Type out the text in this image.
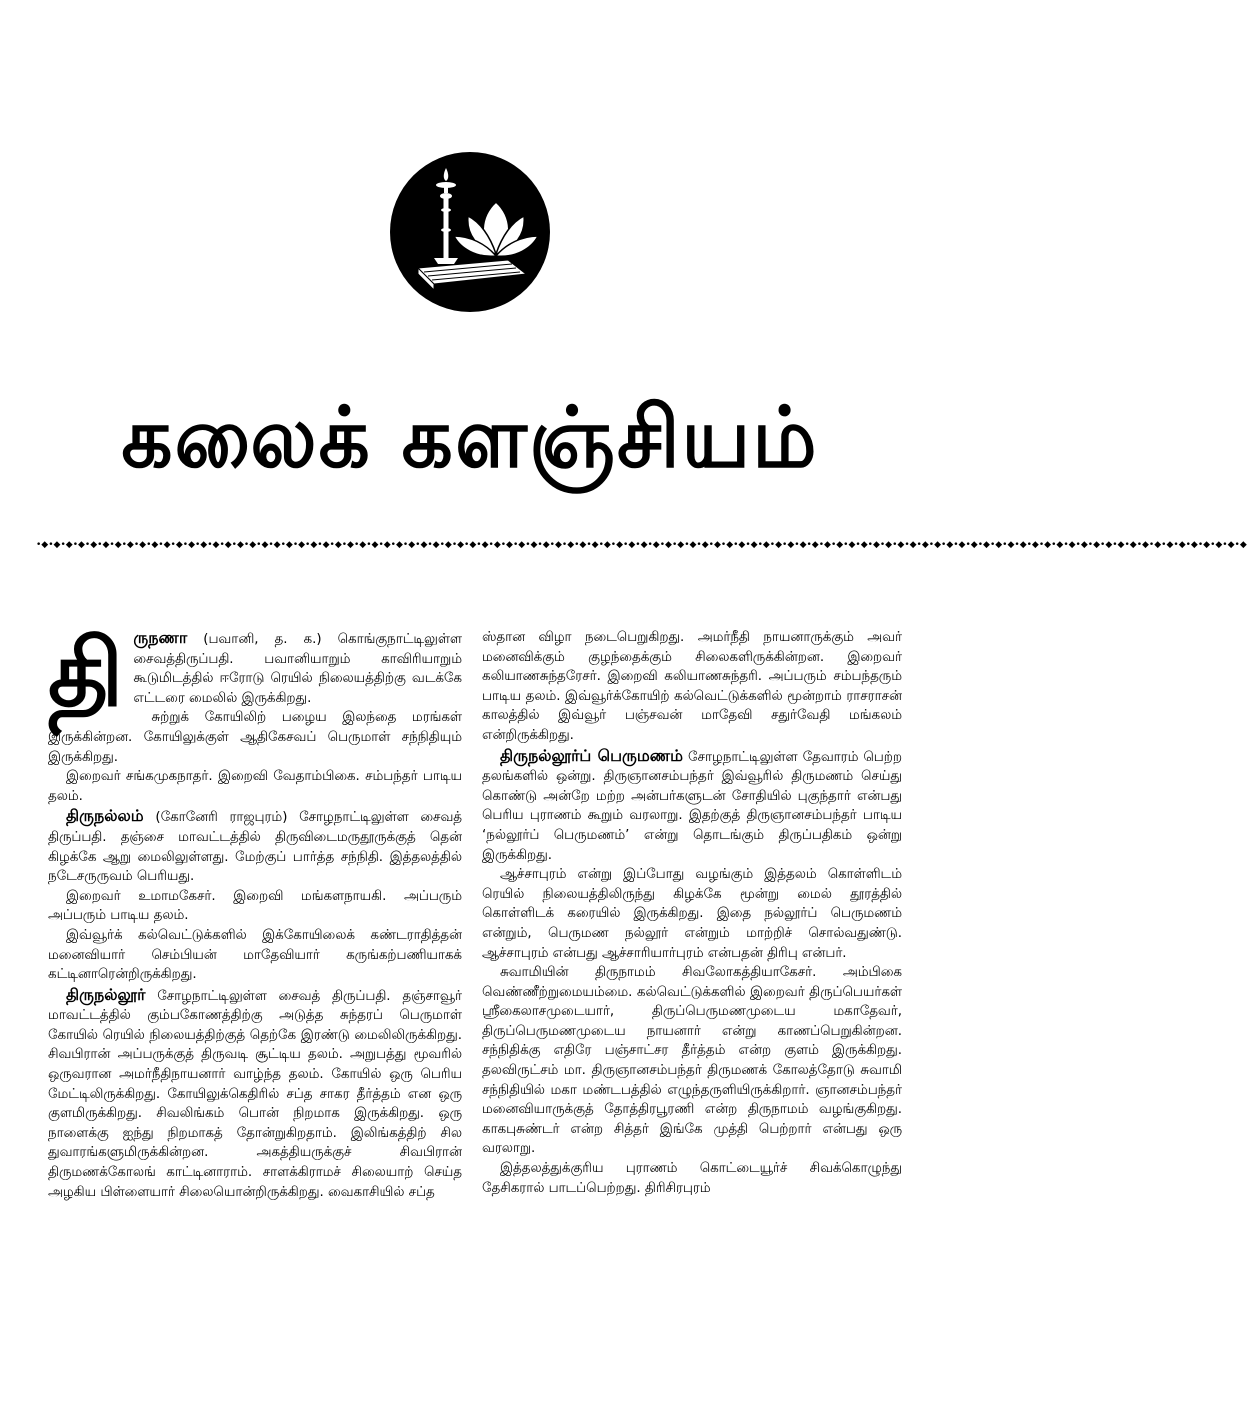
கலைக் களஞ்சியம்
•◆•◆•◆•◆•◆•◆•◆•◆•◆•◆•◆•◆•◆•◆•◆•◆•◆•◆•◆•◆•◆•◆•◆•◆•◆•◆•◆•◆•◆•◆•◆•◆•◆•◆•◆•◆•◆•◆•◆•◆•◆•◆•◆•◆•◆•◆•◆•◆•◆•◆•◆•◆•◆•◆•◆•◆•◆•◆•◆•◆•◆•◆•◆•◆•◆•◆•◆•◆•◆•◆•◆•◆•◆•◆•◆•◆•◆•◆•◆•◆•◆•◆•◆•◆•◆•◆•◆•◆•◆•◆•◆•◆•◆•◆•◆•◆•◆•◆•◆
தி ருநணா (பவானி, த. க.) கொங்குநாட்டிலுள்ள சைவத்திருப்பதி. பவானியாறும் காவிரியாறும் கூடுமிடத்தில் ஈரோடு ரெயில் நிலையத்திற்கு வடக்கே எட்டரை மைலில் இருக்கிறது.

சுற்றுக் கோயிலிற் பழைய இலந்தை மரங்கள் இருக்கின்றன. கோயிலுக்குள் ஆதிகேசவப் பெருமாள் சந்நிதியும் இருக்கிறது.

இறைவர் சங்கமுகநாதர். இறைவி வேதாம்பிகை. சம்பந்தர் பாடிய தலம்.

திருநல்லம் (கோனேரி ராஜபுரம்) சோழநாட்டிலுள்ள சைவத் திருப்பதி. தஞ்சை மாவட்டத்தில் திருவிடைமருதூருக்குத் தென் கிழக்கே ஆறு மைலிலுள்ளது. மேற்குப் பார்த்த சந்நிதி. இத்தலத்தில் நடேசருருவம் பெரியது.

இறைவர் உமாமகேசர். இறைவி மங்களநாயகி. அப்பரும் அப்பரும் பாடிய தலம்.

இவ்வூர்க் கல்வெட்டுக்களில் இக்கோயிலைக் கண்டராதித்தன் மனைவியார் செம்பியன் மாதேவியார் கருங்கற்பணியாகக் கட்டினாரென்றிருக்கிறது.

திருநல்லூர் சோழநாட்டிலுள்ள சைவத் திருப்பதி. தஞ்சாவூர் மாவட்டத்தில் கும்பகோணத்திற்கு அடுத்த சுந்தரப் பெருமாள் கோயில் ரெயில் நிலையத்திற்குத் தெற்கே இரண்டு மைலிலிருக்கிறது. சிவபிரான் அப்பருக்குத் திருவடி சூட்டிய தலம். அறுபத்து மூவரில் ஒருவரான அமர்நீதிநாயனார் வாழ்ந்த தலம். கோயில் ஒரு பெரிய மேட்டிலிருக்கிறது. கோயிலுக்கெதிரில் சப்த சாகர தீர்த்தம் என ஒரு குளமிருக்கிறது. சிவலிங்கம் பொன் நிறமாக இருக்கிறது. ஒரு நாளைக்கு ஐந்து நிறமாகத் தோன்றுகிறதாம். இலிங்கத்திற் சில துவாரங்களுமிருக்கின்றன. அகத்தியருக்குச் சிவபிரான் திருமணக்கோலங் காட்டினாராம். சாளக்கிராமச் சிலையாற் செய்த அழகிய பிள்ளையார் சிலையொன்றிருக்கிறது. வைகாசியில் சப்த

ஸ்தான விழா நடைபெறுகிறது. அமர்நீதி நாயனாருக்கும் அவர் மனைவிக்கும் குழந்தைக்கும் சிலைகளிருக்கின்றன. இறைவர் கலியாணசுந்தரேசர். இறைவி கலியாணசுந்தரி. அப்பரும் சம்பந்தரும் பாடிய தலம். இவ்வூர்க்கோயிற் கல்வெட்டுக்களில் மூன்றாம் ராசராசன் காலத்தில் இவ்வூர் பஞ்சவன் மாதேவி சதுர்வேதி மங்கலம் என்றிருக்கிறது.

திருநல்லூர்ப் பெருமணம் சோழநாட்டிலுள்ள தேவாரம் பெற்ற தலங்களில் ஒன்று. திருஞானசம்பந்தர் இவ்வூரில் திருமணம் செய்து கொண்டு அன்றே மற்ற அன்பர்களுடன் சோதியில் புகுந்தார் என்பது பெரிய புராணம் கூறும் வரலாறு. இதற்குத் திருஞானசம்பந்தர் பாடிய ‘நல்லூர்ப் பெருமணம்’ என்று தொடங்கும் திருப்பதிகம் ஒன்று இருக்கிறது.

ஆச்சாபுரம் என்று இப்போது வழங்கும் இத்தலம் கொள்ளிடம் ரெயில் நிலையத்திலிருந்து கிழக்கே மூன்று மைல் தூரத்தில் கொள்ளிடக் கரையில் இருக்கிறது. இதை நல்லூர்ப் பெருமணம் என்றும், பெருமண நல்லூர் என்றும் மாற்றிச் சொல்வதுண்டு. ஆச்சாபுரம் என்பது ஆச்சாரியார்புரம் என்பதன் திரிபு என்பர்.

சுவாமியின் திருநாமம் சிவலோகத்தியாகேசர். அம்பிகை வெண்ணீற்றுமையம்மை. கல்வெட்டுக்களில் இறைவர் திருப்பெயர்கள் ஸ்ரீகைலாசமுடையார், திருப்பெருமணமுடைய மகாதேவர், திருப்பெருமணமுடைய நாயனார் என்று காணப்பெறுகின்றன. சந்நிதிக்கு எதிரே பஞ்சாட்சர தீர்த்தம் என்ற குளம் இருக்கிறது. தலவிருட்சம் மா. திருஞானசம்பந்தர் திருமணக் கோலத்தோடு சுவாமி சந்நிதியில் மகா மண்டபத்தில் எழுந்தருளியிருக்கிறார். ஞானசம்பந்தர் மனைவியாருக்குத் தோத்திரபூரணி என்ற திருநாமம் வழங்குகிறது. காகபுசுண்டர் என்ற சித்தர் இங்கே முத்தி பெற்றார் என்பது ஒரு வரலாறு.

இத்தலத்துக்குரிய புராணம் கொட்டையூர்ச் சிவக்கொழுந்து தேசிகரால் பாடப்பெற்றது. திரிசிரபுரம்
